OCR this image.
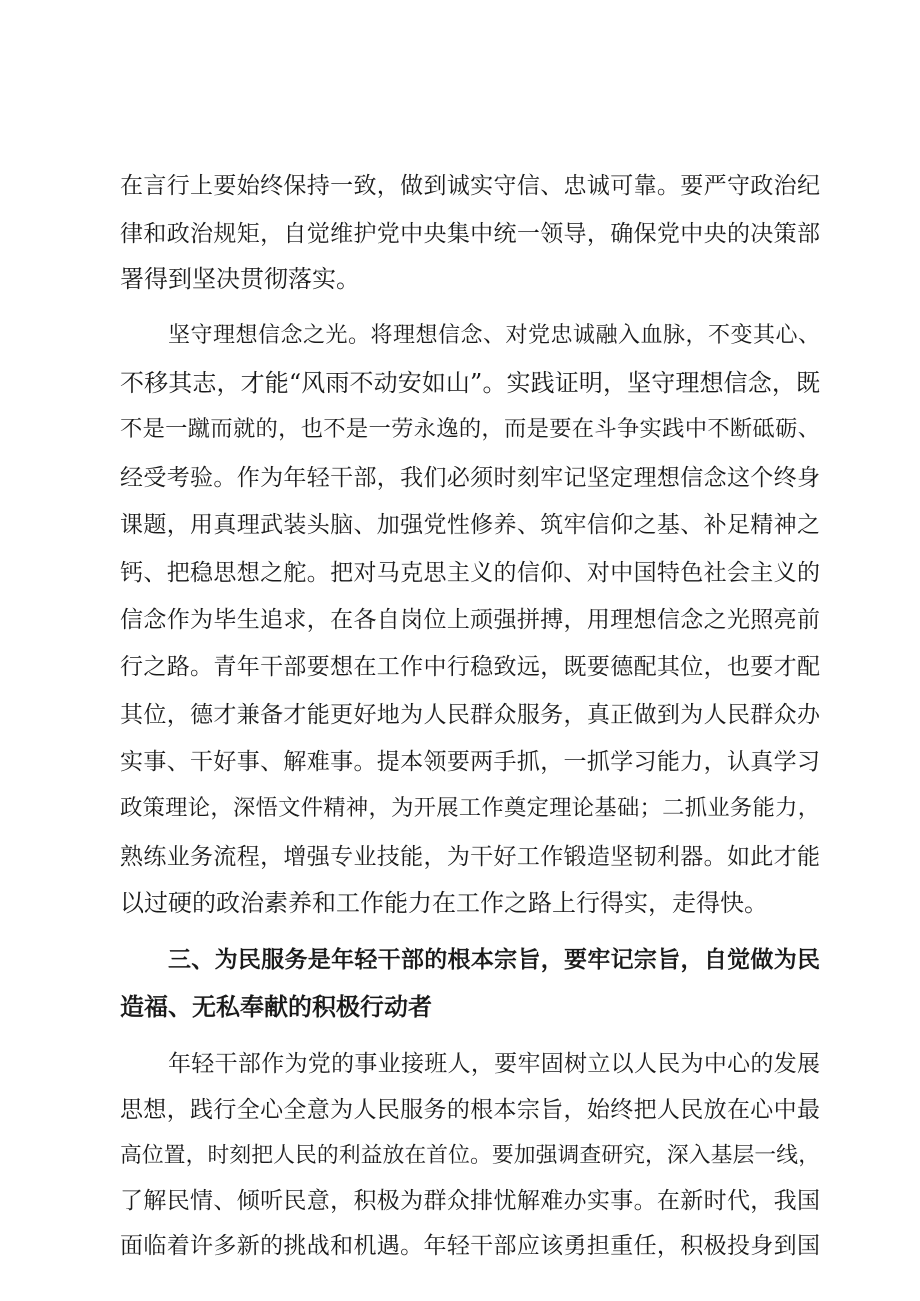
在言行上要始终保持一致，做到诚实守信、忠诚可靠。要严守政治纪
律和政治规矩，自觉维护党中央集中统一领导，确保党中央的决策部
署得到坚决贯彻落实。
坚守理想信念之光。将理想信念、对党忠诚融入血脉，不变其心、
不移其志，才能“风雨不动安如山”。实践证明，坚守理想信念，既
不是一蹴而就的，也不是一劳永逸的，而是要在斗争实践中不断砥砺、
经受考验。作为年轻干部，我们必须时刻牢记坚定理想信念这个终身
课题，用真理武装头脑、加强党性修养、筑牢信仰之基、补足精神之
钙、把稳思想之舵。把对马克思主义的信仰、对中国特色社会主义的
信念作为毕生追求，在各自岗位上顽强拼搏，用理想信念之光照亮前
行之路。青年干部要想在工作中行稳致远，既要德配其位，也要才配
其位，德才兼备才能更好地为人民群众服务，真正做到为人民群众办
实事、干好事、解难事。提本领要两手抓，一抓学习能力，认真学习
政策理论，深悟文件精神，为开展工作奠定理论基础；二抓业务能力，
熟练业务流程，增强专业技能，为干好工作锻造坚韧利器。如此才能
以过硬的政治素养和工作能力在工作之路上行得实，走得快。
三、为民服务是年轻干部的根本宗旨，要牢记宗旨，自觉做为民
造福、无私奉献的积极行动者
年轻干部作为党的事业接班人，要牢固树立以人民为中心的发展
思想，践行全心全意为人民服务的根本宗旨，始终把人民放在心中最
高位置，时刻把人民的利益放在首位。要加强调查研究，深入基层一线，
了解民情、倾听民意，积极为群众排忧解难办实事。在新时代，我国
面临着许多新的挑战和机遇。年轻干部应该勇担重任，积极投身到国
